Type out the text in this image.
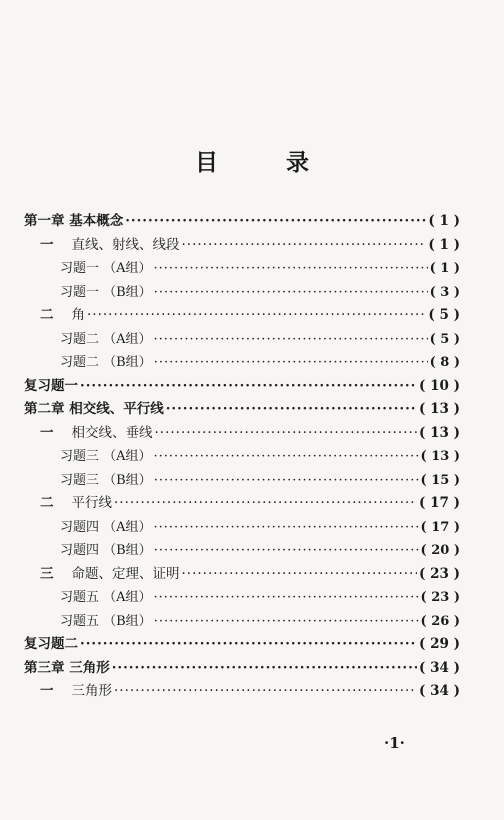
目 录
第一章 基本概念 ·····	( 1 )
一 直线、射线、线段 ·····	( 1 )
习题一 （A组） ·····	( 1 )
习题一 （B组） ·····	( 3 )
二 角 ·····	( 5 )
习题二 （A组） ·····	( 5 )
习题二 （B组） ·····	( 8 )
复习题一 ·····	( 10 )
第二章 相交线、平行线 ·····	( 13 )
一 相交线、垂线 ·····	( 13 )
习题三 （A组） ·····	( 13 )
习题三 （B组） ·····	( 15 )
二 平行线 ·····	( 17 )
习题四 （A组） ·····	( 17 )
习题四 （B组） ·····	( 20 )
三 命题、定理、证明 ·····	( 23 )
习题五 （A组） ·····	( 23 )
习题五 （B组） ·····	( 26 )
复习题二 ·····	( 29 )
第三章 三角形 ·····	( 34 )
一 三角形 ·····	( 34 )
·1·
